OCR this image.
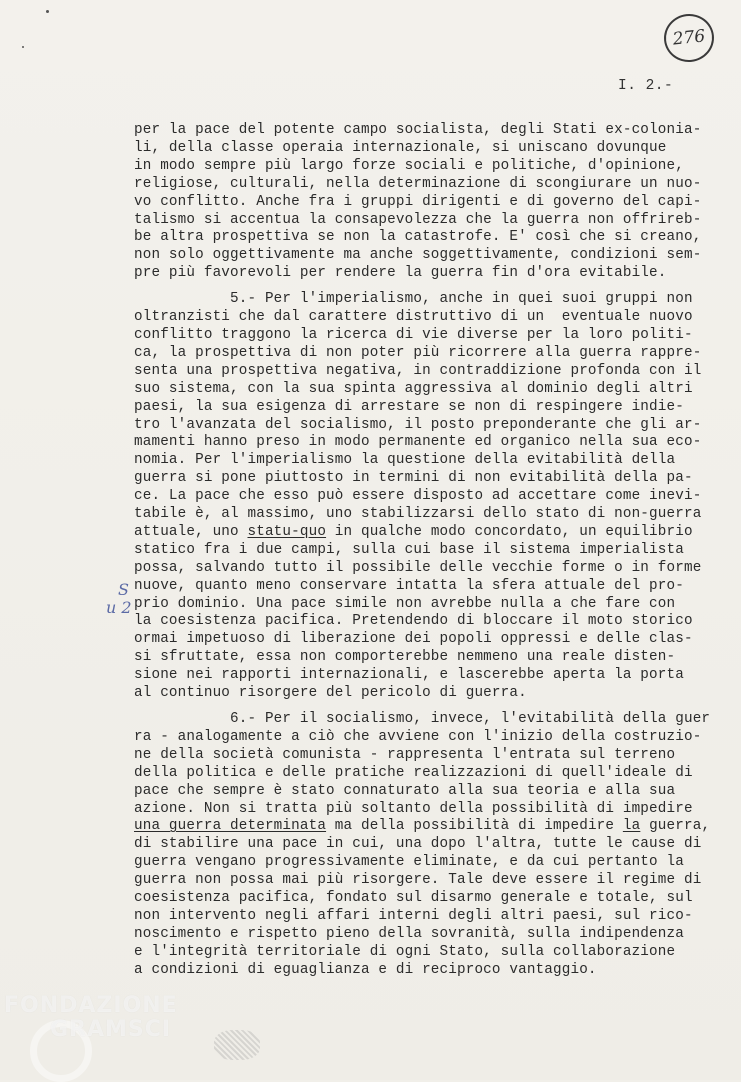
276
I. 2.-
S
u 2
per la pace del potente campo socialista, degli Stati ex-colonia-
li, della classe operaia internazionale, si uniscano dovunque
in modo sempre più largo forze sociali e politiche, d'opinione,
religiose, culturali, nella determinazione di scongiurare un nuo-
vo conflitto. Anche fra i gruppi dirigenti e di governo del capi-
talismo si accentua la consapevolezza che la guerra non offrireb-
be altra prospettiva se non la catastrofe. E' così che si creano,
non solo oggettivamente ma anche soggettivamente, condizioni sem-
pre più favorevoli per rendere la guerra fin d'ora evitabile.
5.- Per l'imperialismo, anche in quei suoi gruppi non
oltranzisti che dal carattere distruttivo di un  eventuale nuovo
conflitto traggono la ricerca di vie diverse per la loro politi-
ca, la prospettiva di non poter più ricorrere alla guerra rappre-
senta una prospettiva negativa, in contraddizione profonda con il
suo sistema, con la sua spinta aggressiva al dominio degli altri
paesi, la sua esigenza di arrestare se non di respingere indie-
tro l'avanzata del socialismo, il posto preponderante che gli ar-
mamenti hanno preso in modo permanente ed organico nella sua eco-
nomia. Per l'imperialismo la questione della evitabilità della
guerra si pone piuttosto in termini di non evitabilità della pa-
ce. La pace che esso può essere disposto ad accettare come inevi-
tabile è, al massimo, uno stabilizzarsi dello stato di non-guerra
attuale, uno statu-quo in qualche modo concordato, un equilibrio
statico fra i due campi, sulla cui base il sistema imperialista
possa, salvando tutto il possibile delle vecchie forme o in forme
nuove, quanto meno conservare intatta la sfera attuale del pro-
prio dominio. Una pace simile non avrebbe nulla a che fare con
la coesistenza pacifica. Pretendendo di bloccare il moto storico
ormai impetuoso di liberazione dei popoli oppressi e delle clas-
si sfruttate, essa non comporterebbe nemmeno una reale disten-
sione nei rapporti internazionali, e lascerebbe aperta la porta
al continuo risorgere del pericolo di guerra.
6.- Per il socialismo, invece, l'evitabilità della guer
ra - analogamente a ciò che avviene con l'inizio della costruzio-
ne della società comunista - rappresenta l'entrata sul terreno
della politica e delle pratiche realizzazioni di quell'ideale di
pace che sempre è stato connaturato alla sua teoria e alla sua
azione. Non si tratta più soltanto della possibilità di impedire
una guerra determinata ma della possibilità di impedire la guerra,
di stabilire una pace in cui, una dopo l'altra, tutte le cause di
guerra vengano progressivamente eliminate, e da cui pertanto la
guerra non possa mai più risorgere. Tale deve essere il regime di
coesistenza pacifica, fondato sul disarmo generale e totale, sul
non intervento negli affari interni degli altri paesi, sul rico-
noscimento e rispetto pieno della sovranità, sulla indipendenza
e l'integrità territoriale di ogni Stato, sulla collaborazione
a condizioni di eguaglianza e di reciproco vantaggio.
FONDAZIONE
GRAMSCI
